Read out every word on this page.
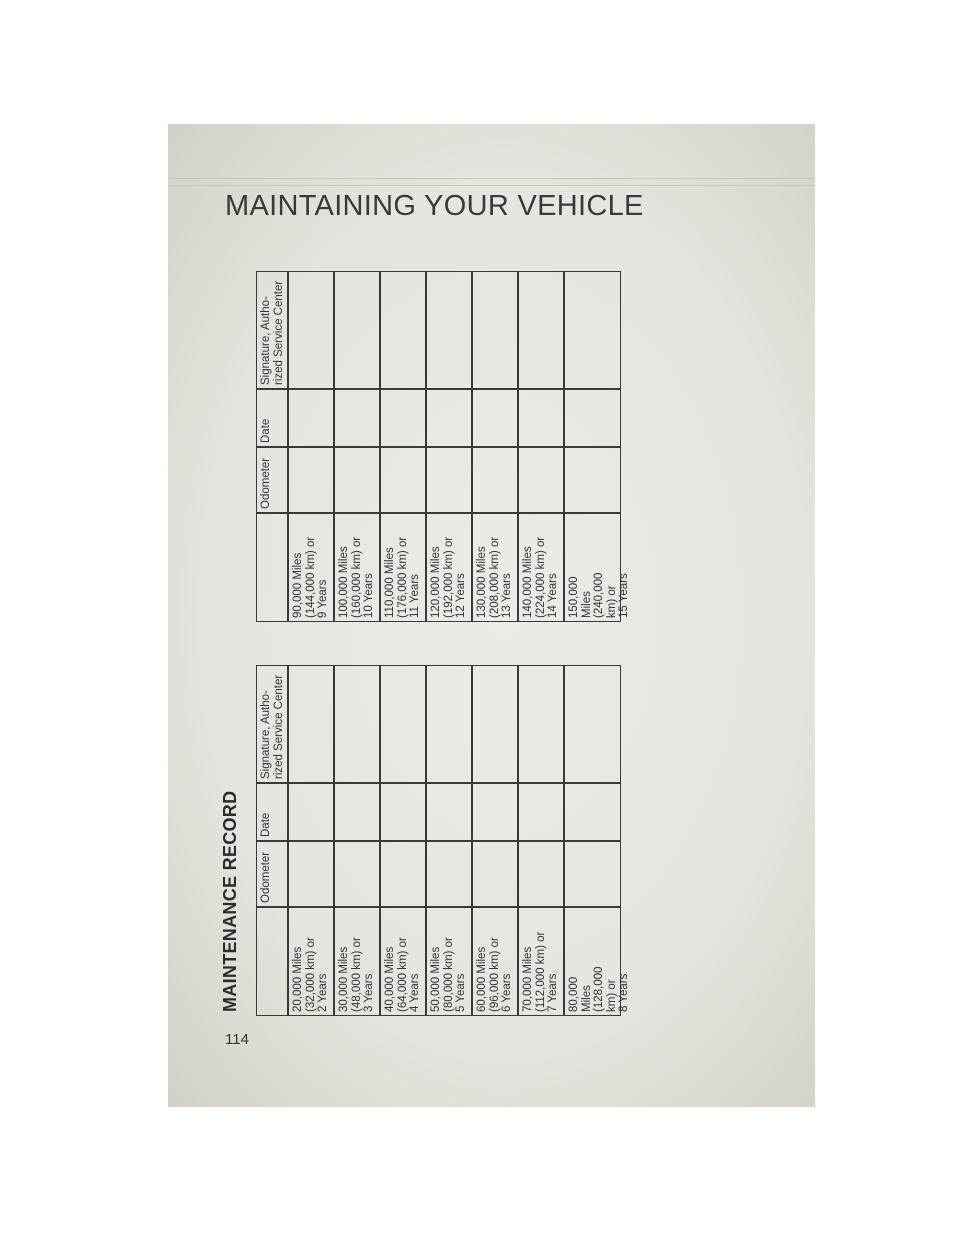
MAINTAINING YOUR VEHICLE
MAINTENANCE RECORD
114
Signature, Autho-
rized Service Center
Date
Odometer
20,000 Miles
(32,000 km) or
2 Years 30,000 Miles
(48,000 km) or
3 Years 40,000 Miles
(64,000 km) or
4 Years 50,000 Miles
(80,000 km) or
5 Years 60,000 Miles
(96,000 km) or
6 Years 70,000 Miles
(112,000 km) or
7 Years 80,000 Miles
(128,000 km) or
8 Years
Signature, Autho-
rized Service Center
Date
Odometer
90,000 Miles
(144,000 km) or
9 Years 100,000 Miles
(160,000 km) or
10 Years 110,000 Miles
(176,000 km) or
11 Years 120,000 Miles
(192,000 km) or
12 Years 130,000 Miles
(208,000 km) or
13 Years 140,000 Miles
(224,000 km) or
14 Years 150,000 Miles
(240,000 km) or
15 Years
